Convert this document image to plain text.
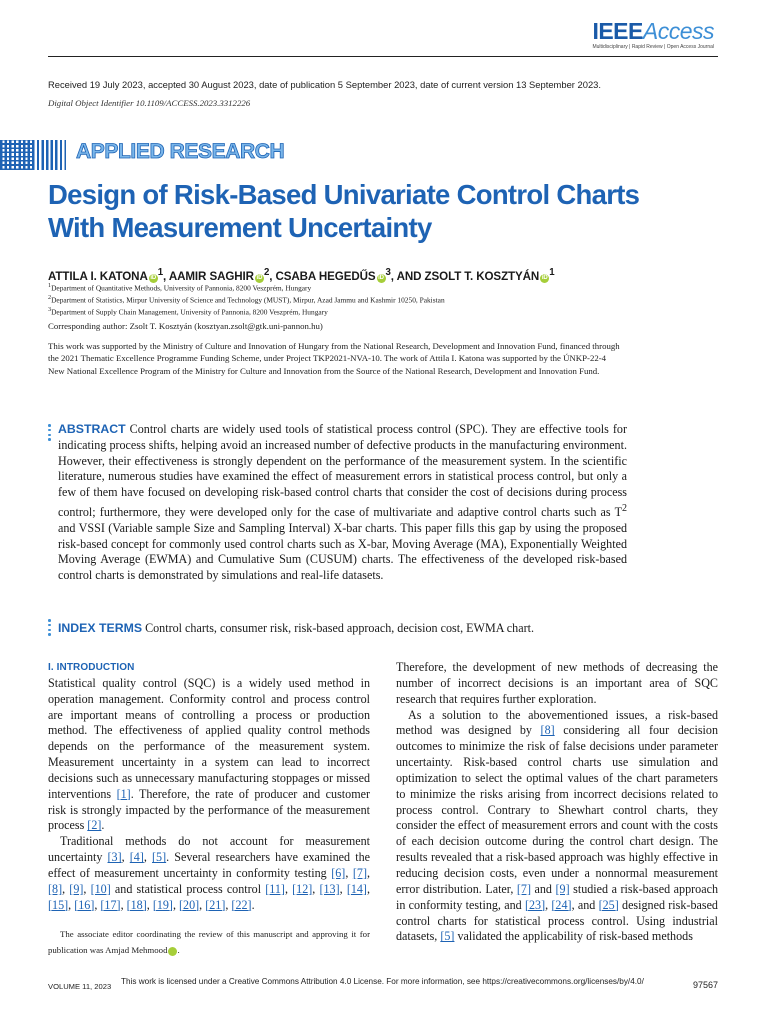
IEEEAccess
Multidisciplinary | Rapid Review | Open Access Journal
Received 19 July 2023, accepted 30 August 2023, date of publication 5 September 2023, date of current version 13 September 2023.
Digital Object Identifier 10.1109/ACCESS.2023.3312226
APPLIED RESEARCH
Design of Risk-Based Univariate Control Charts With Measurement Uncertainty
ATTILA I. KATONA iD $^1$, AAMIR SAGHIR iD $^2$, CSABA HEGEDŰS iD $^3$, AND ZSOLT T. KOSZTYÁN iD $^1$
$^1$Department of Quantitative Methods, University of Pannonia, 8200 Veszprém, Hungary
$^2$Department of Statistics, Mirpur University of Science and Technology (MUST), Mirpur, Azad Jammu and Kashmir 10250, Pakistan
$^3$Department of Supply Chain Management, University of Pannonia, 8200 Veszprém, Hungary
Corresponding author: Zsolt T. Kosztyán (kosztyan.zsolt@gtk.uni-pannon.hu)
This work was supported by the Ministry of Culture and Innovation of Hungary from the National Research, Development and Innovation Fund, financed through the 2021 Thematic Excellence Programme Funding Scheme, under Project TKP2021-NVA-10. The work of Attila I. Katona was supported by the ÚNKP-22-4 New National Excellence Program of the Ministry for Culture and Innovation from the Source of the National Research, Development and Innovation Fund.
ABSTRACT Control charts are widely used tools of statistical process control (SPC). They are effective tools for indicating process shifts, helping avoid an increased number of defective products in the manufacturing environment. However, their effectiveness is strongly dependent on the performance of the measurement system. In the scientific literature, numerous studies have examined the effect of measurement errors in statistical process control, but only a few of them have focused on developing risk-based control charts that consider the cost of decisions during process control; furthermore, they were developed only for the case of multivariate and adaptive control charts such as $T^2$ and VSSI (Variable sample Size and Sampling Interval) X-bar charts. This paper fills this gap by using the proposed risk-based concept for commonly used control charts such as X-bar, Moving Average (MA), Exponentially Weighted Moving Average (EWMA) and Cumulative Sum (CUSUM) charts. The effectiveness of the developed risk-based control charts is demonstrated by simulations and real-life datasets.
INDEX TERMS Control charts, consumer risk, risk-based approach, decision cost, EWMA chart.
I. INTRODUCTION

Statistical quality control (SQC) is a widely used method in operation management. Conformity control and process control are important means of controlling a process or production method. The effectiveness of applied quality control methods depends on the performance of the measurement system. Measurement uncertainty in a system can lead to incorrect decisions such as unnecessary manufacturing stoppages or missed interventions [1]. Therefore, the rate of producer and customer risk is strongly impacted by the performance of the measurement process [2].

Traditional methods do not account for measurement uncertainty [3], [4], [5]. Several researchers have examined the effect of measurement uncertainty in conformity testing [6], [7], [8], [9], [10] and statistical process control [11], [12], [13], [14], [15], [16], [17], [18], [19], [20], [21], [22].

The associate editor coordinating the review of this manuscript and approving it for publication was Amjad Mehmood iD.

Therefore, the development of new methods of decreasing the number of incorrect decisions is an important area of SQC research that requires further exploration.

As a solution to the abovementioned issues, a risk-based method was designed by [8] considering all four decision outcomes to minimize the risk of false decisions under parameter uncertainty. Risk-based control charts use simulation and optimization to select the optimal values of the chart parameters to minimize the risks arising from incorrect decisions related to process control. Contrary to Shewhart control charts, they consider the effect of measurement errors and count with the costs of each decision outcome during the control chart design. The results revealed that a risk-based approach was highly effective in reducing decision costs, even under a nonnormal measurement error distribution. Later, [7] and [9] studied a risk-based approach in conformity testing, and [23], [24], and [25] designed risk-based control charts for statistical process control. Using industrial datasets, [5] validated the applicability of risk-based methods

VOLUME 11, 2023
This work is licensed under a Creative Commons Attribution 4.0 License. For more information, see https://creativecommons.org/licenses/by/4.0/	97567
